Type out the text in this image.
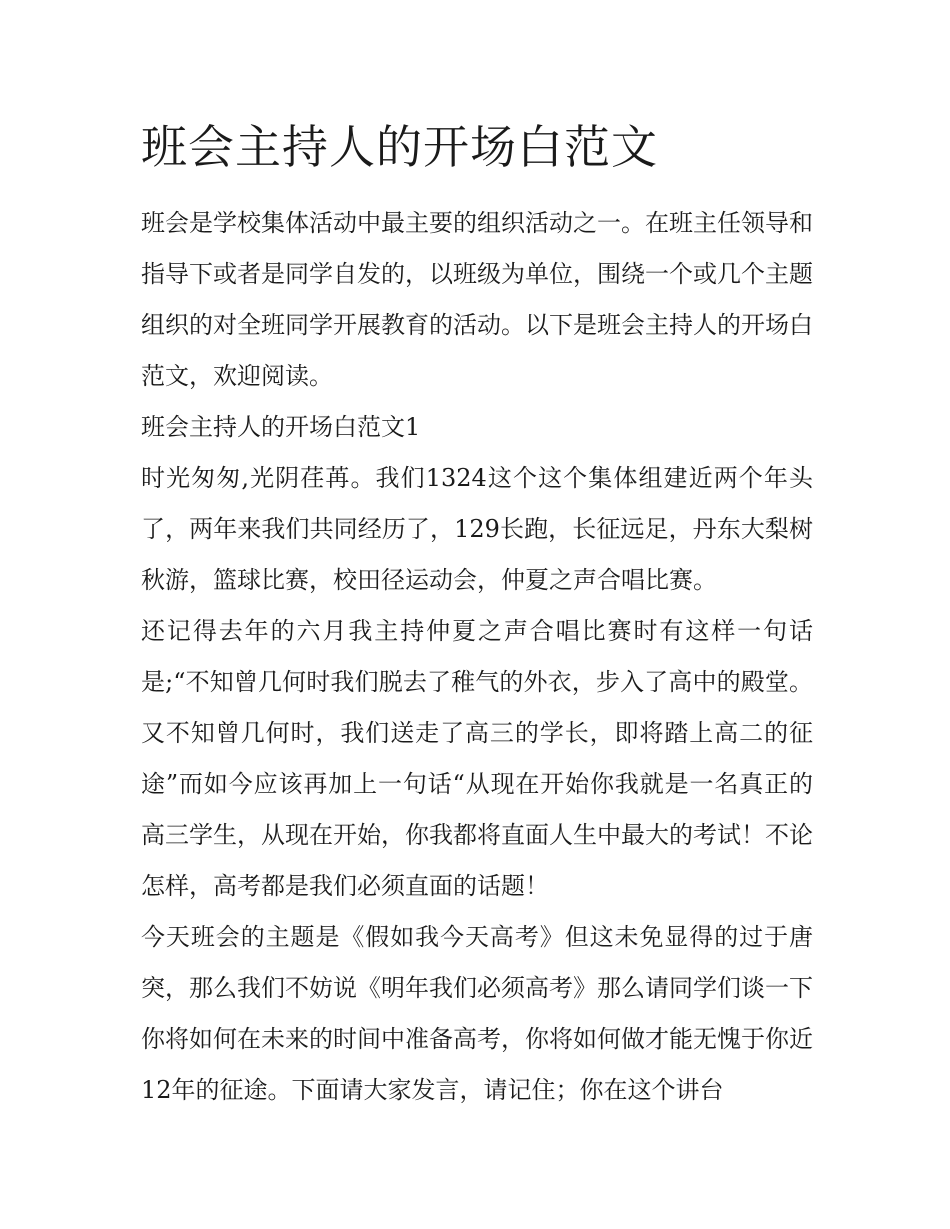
班会主持人的开场白范文

班会是学校集体活动中最主要的组织活动之一。在班主任领导和指导下或者是同学自发的，以班级为单位，围绕一个或几个主题组织的对全班同学开展教育的活动。以下是班会主持人的开场白范文，欢迎阅读。

班会主持人的开场白范文1

时光匆匆,光阴荏苒。我们1324这个这个集体组建近两个年头了，两年来我们共同经历了，129长跑，长征远足，丹东大梨树秋游，篮球比赛，校田径运动会，仲夏之声合唱比赛。

还记得去年的六月我主持仲夏之声合唱比赛时有这样一句话是;“不知曾几何时我们脱去了稚气的外衣，步入了高中的殿堂。又不知曾几何时，我们送走了高三的学长，即将踏上高二的征途”而如今应该再加上一句话“从现在开始你我就是一名真正的高三学生，从现在开始，你我都将直面人生中最大的考试！不论怎样，高考都是我们必须直面的话题！

今天班会的主题是《假如我今天高考》但这未免显得的过于唐突，那么我们不妨说《明年我们必须高考》那么请同学们谈一下你将如何在未来的时间中准备高考，你将如何做才能无愧于你近12年的征途。下面请大家发言，请记住；你在这个讲台
